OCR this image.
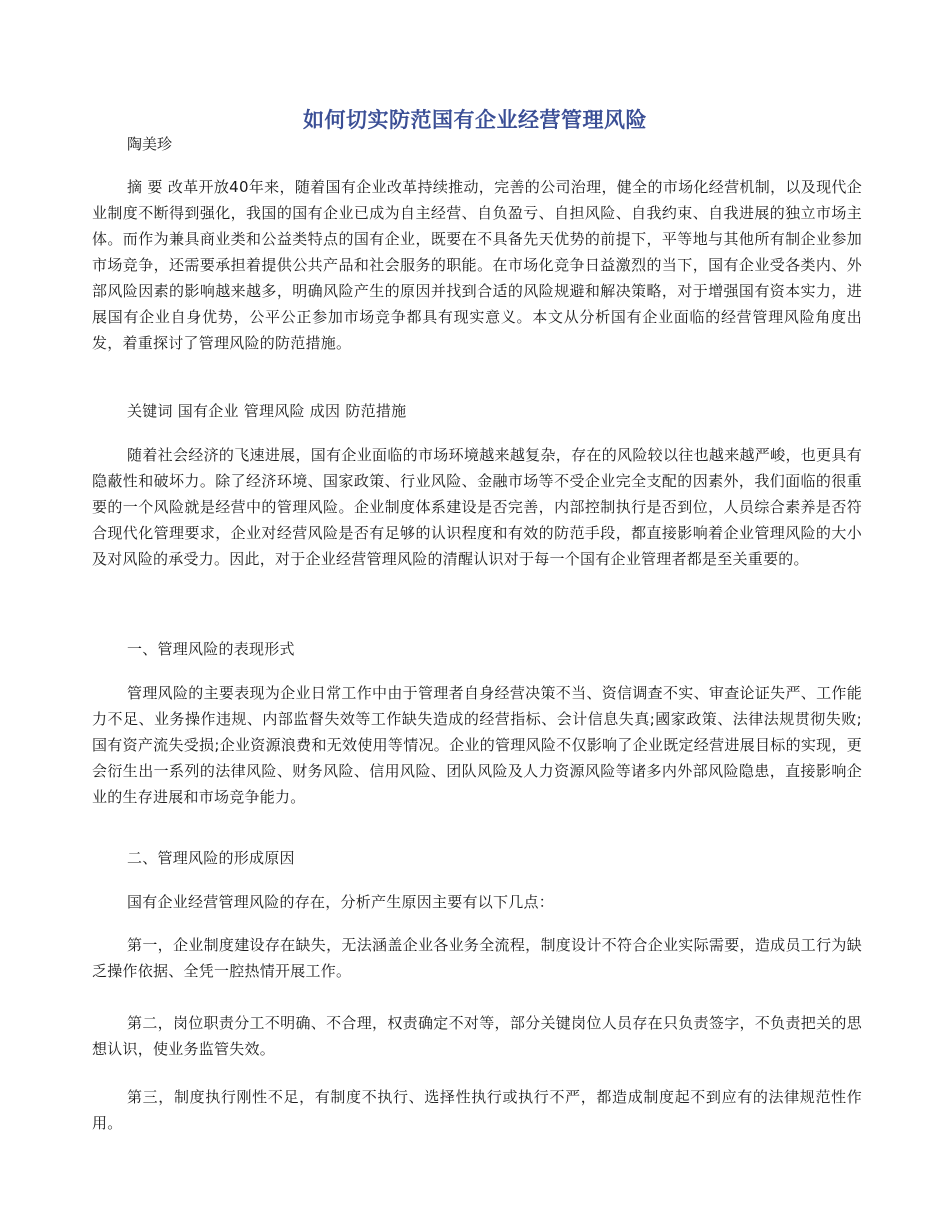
如何切实防范国有企业经营管理风险

陶美珍

摘 要 改革开放40年来，随着国有企业改革持续推动，完善的公司治理，健全的市场化经营机制，以及现代企业制度不断得到强化，我国的国有企业已成为自主经营、自负盈亏、自担风险、自我约束、自我进展的独立市场主体。而作为兼具商业类和公益类特点的国有企业，既要在不具备先天优势的前提下，平等地与其他所有制企业参加市场竞争，还需要承担着提供公共产品和社会服务的职能。在市场化竞争日益激烈的当下，国有企业受各类内、外部风险因素的影响越来越多，明确风险产生的原因并找到合适的风险规避和解决策略，对于增强国有资本实力，进展国有企业自身优势，公平公正参加市场竞争都具有现实意义。本文从分析国有企业面临的经营管理风险角度出发，着重探讨了管理风险的防范措施。

关键词 国有企业 管理风险 成因 防范措施

随着社会经济的飞速进展，国有企业面临的市场环境越来越复杂，存在的风险较以往也越来越严峻，也更具有隐蔽性和破坏力。除了经济环境、国家政策、行业风险、金融市场等不受企业完全支配的因素外，我们面临的很重要的一个风险就是经营中的管理风险。企业制度体系建设是否完善，内部控制执行是否到位，人员综合素养是否符合现代化管理要求，企业对经营风险是否有足够的认识程度和有效的防范手段，都直接影响着企业管理风险的大小及对风险的承受力。因此，对于企业经营管理风险的清醒认识对于每一个国有企业管理者都是至关重要的。

一、管理风险的表现形式

管理风险的主要表现为企业日常工作中由于管理者自身经营决策不当、资信调查不实、审查论证失严、工作能力不足、业务操作违规、内部监督失效等工作缺失造成的经营指标、会计信息失真;國家政策、法律法规贯彻失败;国有资产流失受损;企业资源浪费和无效使用等情况。企业的管理风险不仅影响了企业既定经营进展目标的实现，更会衍生出一系列的法律风险、财务风险、信用风险、团队风险及人力资源风险等诸多内外部风险隐患，直接影响企业的生存进展和市场竞争能力。

二、管理风险的形成原因

国有企业经营管理风险的存在，分析产生原因主要有以下几点：

第一，企业制度建设存在缺失，无法涵盖企业各业务全流程，制度设计不符合企业实际需要，造成员工行为缺乏操作依据、全凭一腔热情开展工作。

第二，岗位职责分工不明确、不合理，权责确定不对等，部分关键岗位人员存在只负责签字，不负责把关的思想认识，使业务监管失效。

第三，制度执行刚性不足，有制度不执行、选择性执行或执行不严，都造成制度起不到应有的法律规范性作用。
